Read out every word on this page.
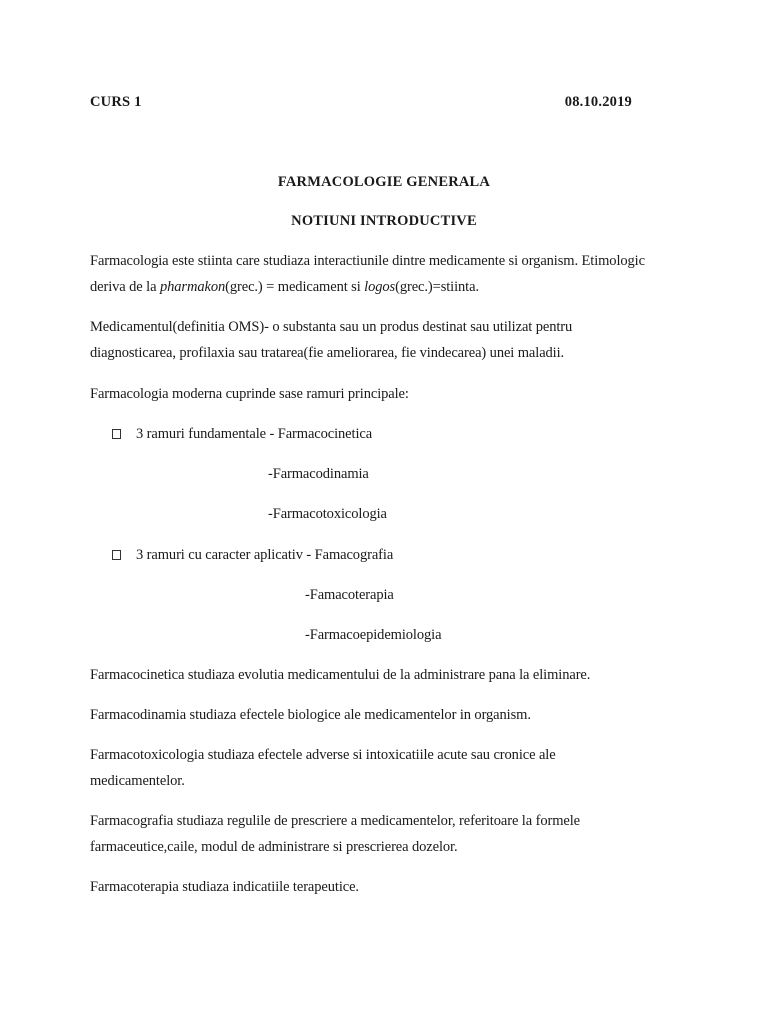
CURS 1	08.10.2019
FARMACOLOGIE GENERALA
NOTIUNI INTRODUCTIVE
Farmacologia este stiinta care studiaza interactiunile dintre medicamente si organism. Etimologic
deriva de la pharmakon(grec.) = medicament si logos(grec.)=stiinta.
Medicamentul(definitia OMS)- o substanta sau un produs destinat sau utilizat pentru
diagnosticarea, profilaxia sau tratarea(fie ameliorarea, fie vindecarea) unei maladii.
Farmacologia moderna cuprinde sase ramuri principale:
3 ramuri fundamentale - Farmacocinetica
-Farmacodinamia
-Farmacotoxicologia
3 ramuri cu caracter aplicativ - Famacografia
-Famacoterapia
-Farmacoepidemiologia
Farmacocinetica studiaza evolutia medicamentului de la administrare pana la eliminare.
Farmacodinamia studiaza efectele biologice ale medicamentelor in organism.
Farmacotoxicologia studiaza efectele adverse si intoxicatiile acute sau cronice ale
medicamentelor.
Farmacografia studiaza regulile de prescriere a medicamentelor, referitoare la formele
farmaceutice,caile, modul de administrare si prescrierea dozelor.
Farmacoterapia studiaza indicatiile terapeutice.
